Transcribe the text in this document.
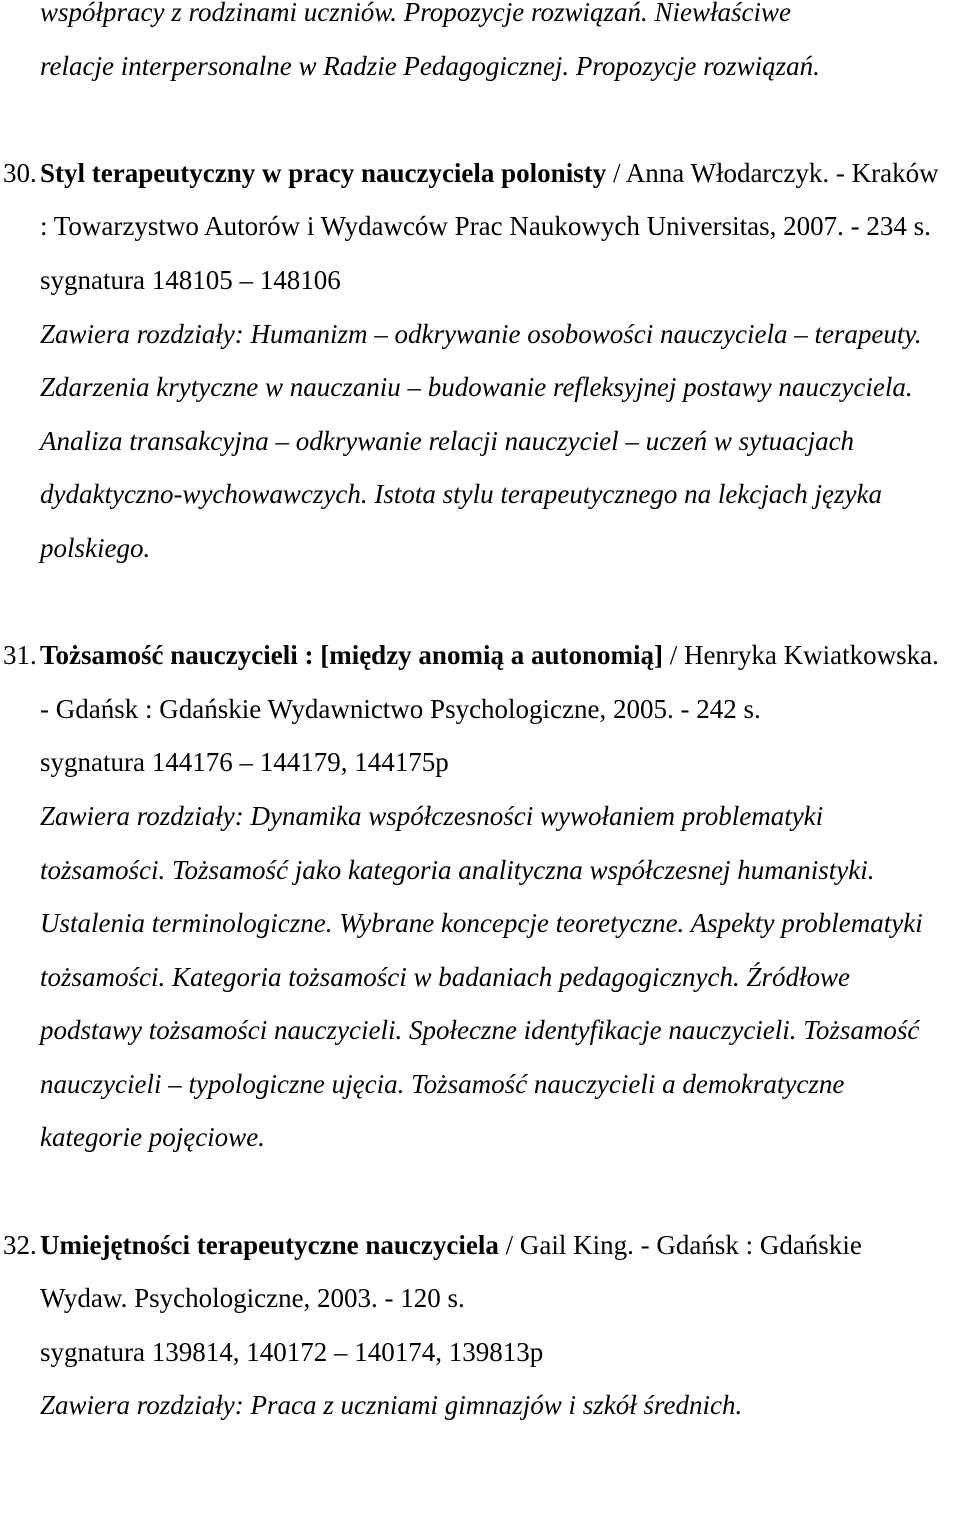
współpracy z rodzinami uczniów. Propozycje rozwiązań. Niewłaściwe

relacje interpersonalne w Radzie Pedagogicznej. Propozycje rozwiązań.

30. Styl terapeutyczny w pracy nauczyciela polonisty / Anna Włodarczyk. - Kraków : Towarzystwo Autorów i Wydawców Prac Naukowych Universitas, 2007. - 234 s.

sygnatura 148105 – 148106

Zawiera rozdziały: Humanizm – odkrywanie osobowości nauczyciela – terapeuty. Zdarzenia krytyczne w nauczaniu – budowanie refleksyjnej postawy nauczyciela. Analiza transakcyjna – odkrywanie relacji nauczyciel – uczeń w sytuacjach dydaktyczno-wychowawczych. Istota stylu terapeutycznego na lekcjach języka polskiego.

31. Tożsamość nauczycieli : [między anomią a autonomią] / Henryka Kwiatkowska. - Gdańsk : Gdańskie Wydawnictwo Psychologiczne, 2005. - 242 s.

sygnatura 144176 – 144179, 144175p

Zawiera rozdziały: Dynamika współczesności wywołaniem problematyki tożsamości. Tożsamość jako kategoria analityczna współczesnej humanistyki. Ustalenia terminologiczne. Wybrane koncepcje teoretyczne. Aspekty problematyki tożsamości. Kategoria tożsamości w badaniach pedagogicznych. Źródłowe podstawy tożsamości nauczycieli. Społeczne identyfikacje nauczycieli. Tożsamość nauczycieli – typologiczne ujęcia. Tożsamość nauczycieli a demokratyczne kategorie pojęciowe.

32. Umiejętności terapeutyczne nauczyciela / Gail King. - Gdańsk : Gdańskie Wydaw. Psychologiczne, 2003. - 120 s.

sygnatura 139814, 140172 – 140174, 139813p

Zawiera rozdziały: Praca z uczniami gimnazjów i szkół średnich.
